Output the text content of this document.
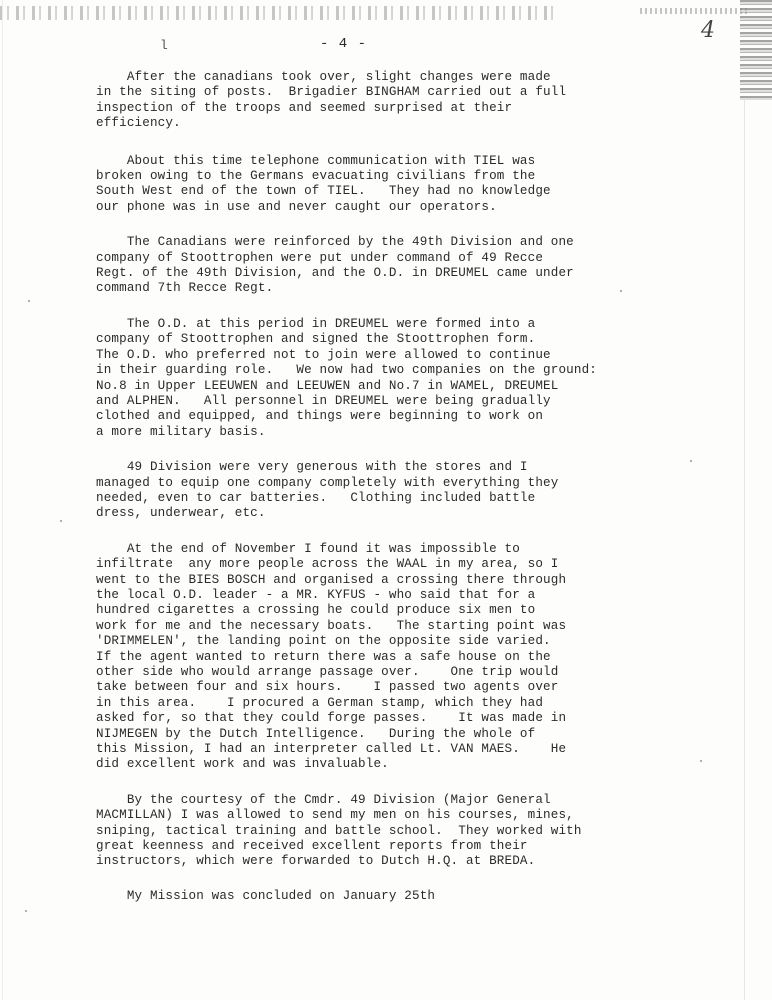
4
l	- 4 -
After the canadians took over, slight changes were made
in the siting of posts.  Brigadier BINGHAM carried out a full
inspection of the troops and seemed surprised at their
efficiency.
About this time telephone communication with TIEL was
broken owing to the Germans evacuating civilians from the
South West end of the town of TIEL.   They had no knowledge
our phone was in use and never caught our operators.
The Canadians were reinforced by the 49th Division and one
company of Stoottrophen were put under command of 49 Recce
Regt. of the 49th Division, and the O.D. in DREUMEL came under
command 7th Recce Regt.
The O.D. at this period in DREUMEL were formed into a
company of Stoottrophen and signed the Stoottrophen form.
The O.D. who preferred not to join were allowed to continue
in their guarding role.   We now had two companies on the ground:
No.8 in Upper LEEUWEN and LEEUWEN and No.7 in WAMEL, DREUMEL
and ALPHEN.   All personnel in DREUMEL were being gradually
clothed and equipped, and things were beginning to work on
a more military basis.
49 Division were very generous with the stores and I
managed to equip one company completely with everything they
needed, even to car batteries.   Clothing included battle
dress, underwear, etc.
At the end of November I found it was impossible to
infiltrate  any more people across the WAAL in my area, so I
went to the BIES BOSCH and organised a crossing there through
the local O.D. leader - a MR. KYFUS - who said that for a
hundred cigarettes a crossing he could produce six men to
work for me and the necessary boats.   The starting point was
'DRIMMELEN', the landing point on the opposite side varied.
If the agent wanted to return there was a safe house on the
other side who would arrange passage over.    One trip would
take between four and six hours.    I passed two agents over
in this area.    I procured a German stamp, which they had
asked for, so that they could forge passes.    It was made in
NIJMEGEN by the Dutch Intelligence.   During the whole of
this Mission, I had an interpreter called Lt. VAN MAES.    He
did excellent work and was invaluable.
By the courtesy of the Cmdr. 49 Division (Major General
MACMILLAN) I was allowed to send my men on his courses, mines,
sniping, tactical training and battle school.  They worked with
great keenness and received excellent reports from their
instructors, which were forwarded to Dutch H.Q. at BREDA.
My Mission was concluded on January 25th
